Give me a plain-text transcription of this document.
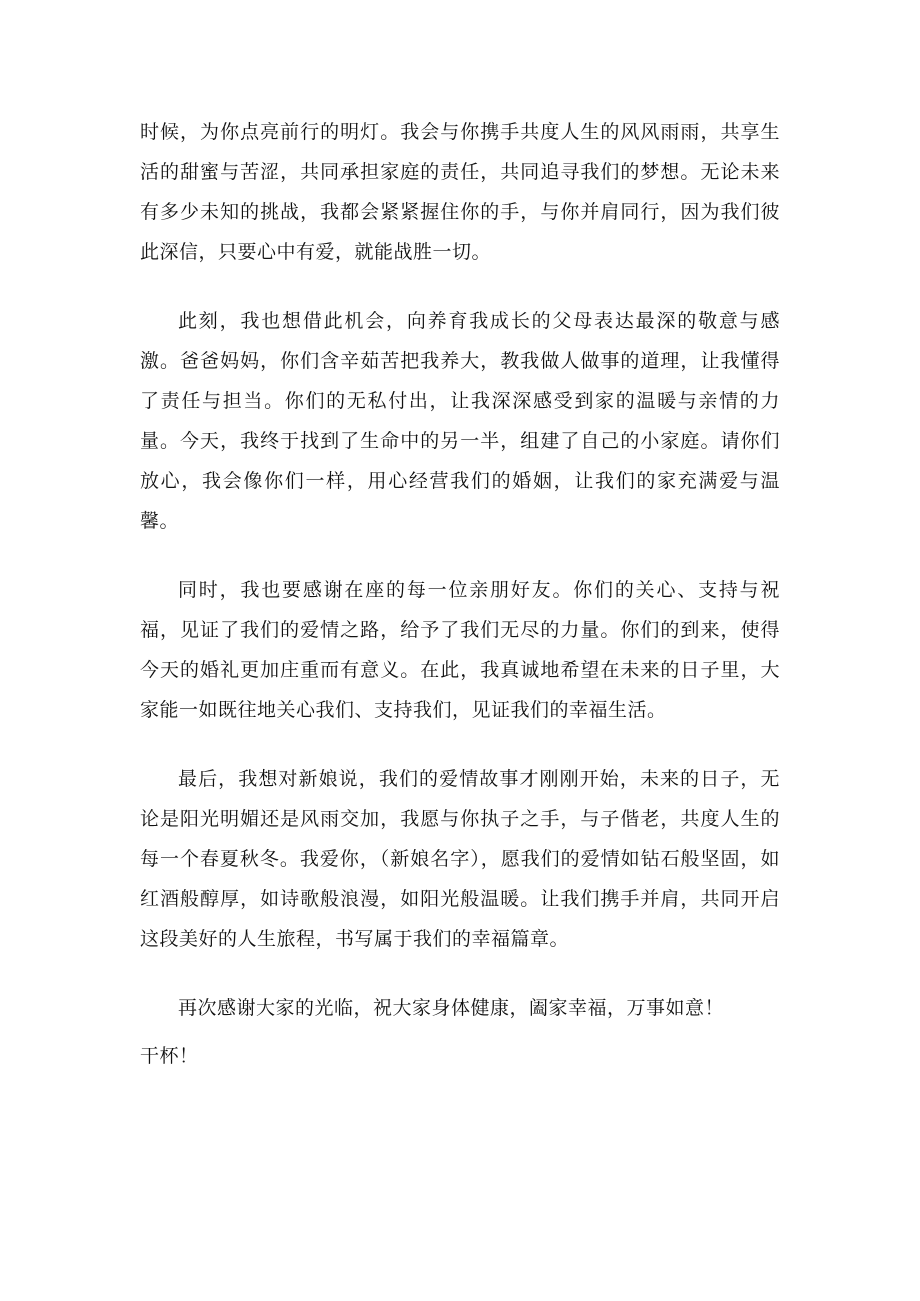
时候，为你点亮前行的明灯。我会与你携手共度人生的风风雨雨，共享生活的甜蜜与苦涩，共同承担家庭的责任，共同追寻我们的梦想。无论未来有多少未知的挑战，我都会紧紧握住你的手，与你并肩同行，因为我们彼此深信，只要心中有爱，就能战胜一切。

此刻，我也想借此机会，向养育我成长的父母表达最深的敬意与感激。爸爸妈妈，你们含辛茹苦把我养大，教我做人做事的道理，让我懂得了责任与担当。你们的无私付出，让我深深感受到家的温暖与亲情的力量。今天，我终于找到了生命中的另一半，组建了自己的小家庭。请你们放心，我会像你们一样，用心经营我们的婚姻，让我们的家充满爱与温馨。

同时，我也要感谢在座的每一位亲朋好友。你们的关心、支持与祝福，见证了我们的爱情之路，给予了我们无尽的力量。你们的到来，使得今天的婚礼更加庄重而有意义。在此，我真诚地希望在未来的日子里，大家能一如既往地关心我们、支持我们，见证我们的幸福生活。

最后，我想对新娘说，我们的爱情故事才刚刚开始，未来的日子，无论是阳光明媚还是风雨交加，我愿与你执子之手，与子偕老，共度人生的每一个春夏秋冬。我爱你，（新娘名字），愿我们的爱情如钻石般坚固，如红酒般醇厚，如诗歌般浪漫，如阳光般温暖。让我们携手并肩，共同开启这段美好的人生旅程，书写属于我们的幸福篇章。

再次感谢大家的光临，祝大家身体健康，阖家幸福，万事如意！

干杯！
